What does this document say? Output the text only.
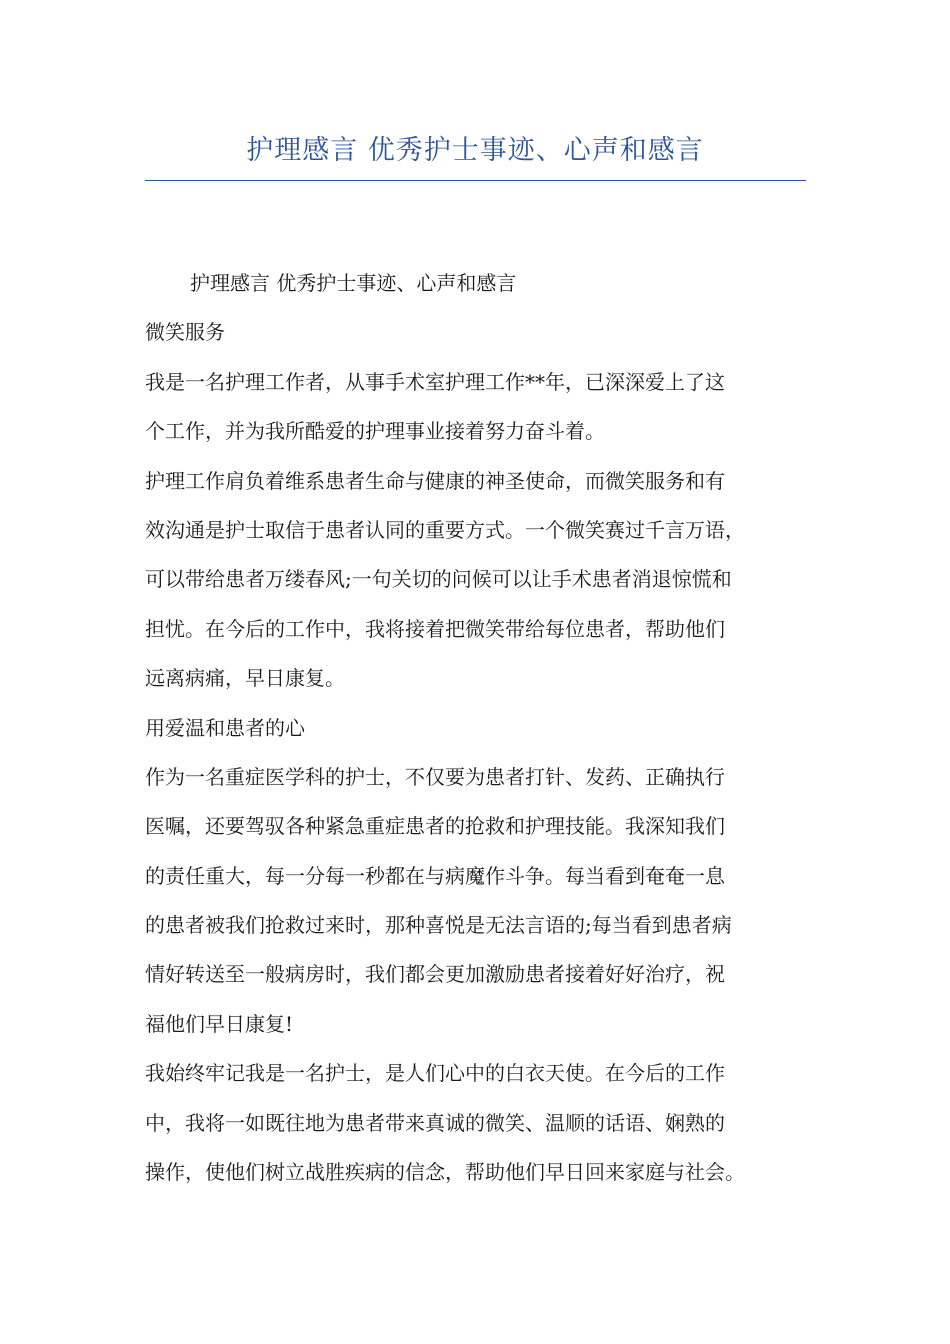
护理感言 优秀护士事迹、心声和感言
护理感言 优秀护士事迹、心声和感言
微笑服务
我是一名护理工作者，从事手术室护理工作**年，已深深爱上了这
个工作，并为我所酷爱的护理事业接着努力奋斗着。
护理工作肩负着维系患者生命与健康的神圣使命，而微笑服务和有
效沟通是护士取信于患者认同的重要方式。一个微笑赛过千言万语，
可以带给患者万缕春风;一句关切的问候可以让手术患者消退惊慌和
担忧。在今后的工作中，我将接着把微笑带给每位患者，帮助他们
远离病痛，早日康复。
用爱温和患者的心
作为一名重症医学科的护士，不仅要为患者打针、发药、正确执行
医嘱，还要驾驭各种紧急重症患者的抢救和护理技能。我深知我们
的责任重大，每一分每一秒都在与病魔作斗争。每当看到奄奄一息
的患者被我们抢救过来时，那种喜悦是无法言语的;每当看到患者病
情好转送至一般病房时，我们都会更加激励患者接着好好治疗，祝
福他们早日康复!
我始终牢记我是一名护士，是人们心中的白衣天使。在今后的工作
中，我将一如既往地为患者带来真诚的微笑、温顺的话语、娴熟的
操作，使他们树立战胜疾病的信念，帮助他们早日回来家庭与社会。
